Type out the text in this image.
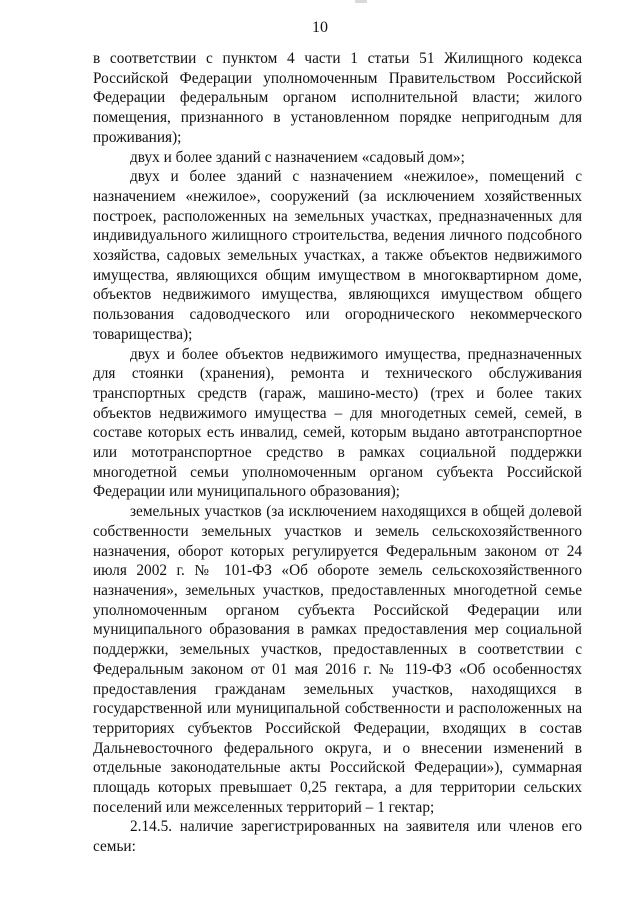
10

в соответствии с пунктом 4 части 1 статьи 51 Жилищного кодекса Российской Федерации уполномоченным Правительством Российской Федерации федеральным органом исполнительной власти; жилого помещения, признанного в установленном порядке непригодным для проживания);

двух и более зданий с назначением «садовый дом»;

двух и более зданий с назначением «нежилое», помещений с назначением «нежилое», сооружений (за исключением хозяйственных построек, расположенных на земельных участках, предназначенных для индивидуального жилищного строительства, ведения личного подсобного хозяйства, садовых земельных участках, а также объектов недвижимого имущества, являющихся общим имуществом в многоквартирном доме, объектов недвижимого имущества, являющихся имуществом общего пользования садоводческого или огороднического некоммерческого товарищества);

двух и более объектов недвижимого имущества, предназначенных для стоянки (хранения), ремонта и технического обслуживания транспортных средств (гараж, машино-место) (трех и более таких объектов недвижимого имущества – для многодетных семей, семей, в составе которых есть инвалид, семей, которым выдано автотранспортное или мототранспортное средство в рамках социальной поддержки многодетной семьи уполномоченным органом субъекта Российской Федерации или муниципального образования);

земельных участков (за исключением находящихся в общей долевой собственности земельных участков и земель сельскохозяйственного назначения, оборот которых регулируется Федеральным законом от 24 июля 2002 г. № 101-ФЗ «Об обороте земель сельскохозяйственного назначения», земельных участков, предоставленных многодетной семье уполномоченным органом субъекта Российской Федерации или муниципального образования в рамках предоставления мер социальной поддержки, земельных участков, предоставленных в соответствии с Федеральным законом от 01 мая 2016 г. № 119-ФЗ «Об особенностях предоставления гражданам земельных участков, находящихся в государственной или муниципальной собственности и расположенных на территориях субъектов Российской Федерации, входящих в состав Дальневосточного федерального округа, и о внесении изменений в отдельные законодательные акты Российской Федерации»), суммарная площадь которых превышает 0,25 гектара, а для территории сельских поселений или межселенных территорий – 1 гектар;

2.14.5. наличие зарегистрированных на заявителя или членов его семьи:
